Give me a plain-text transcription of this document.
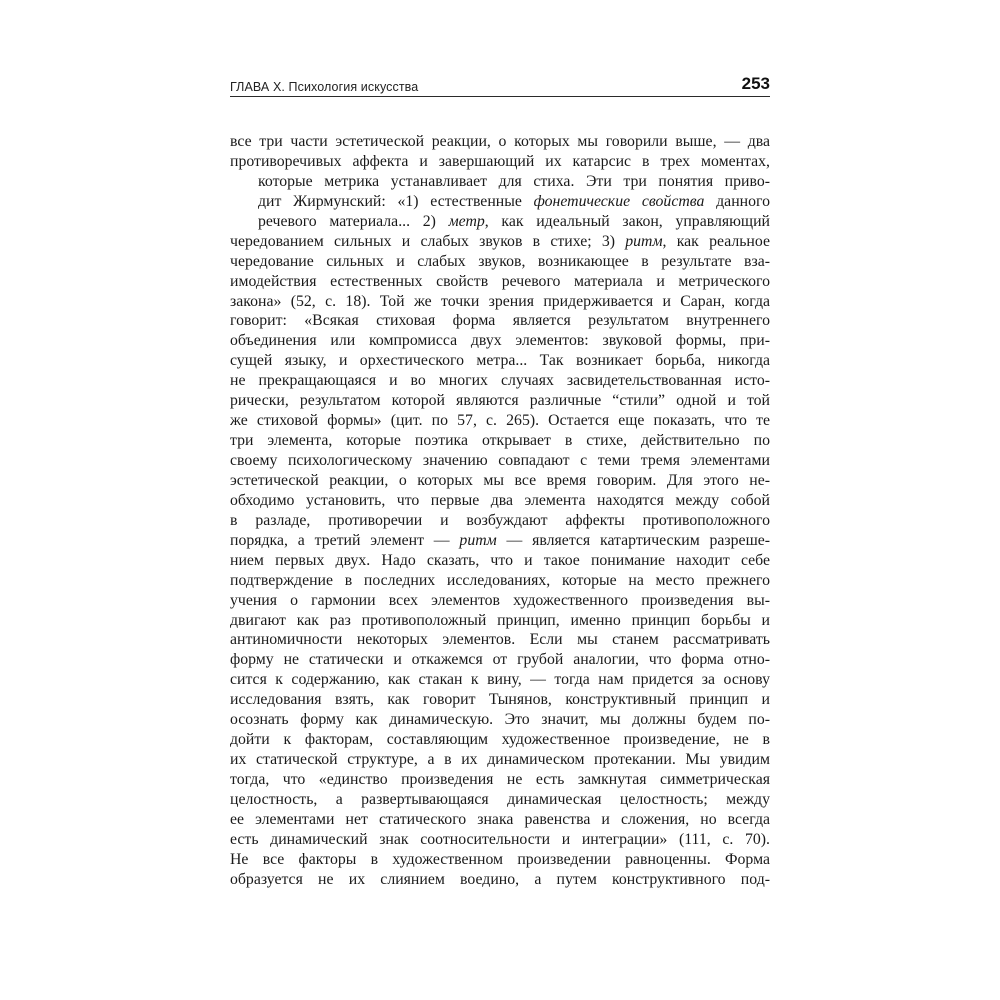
ГЛАВА X. Психология искусства	253
все три части эстетической реакции, о которых мы говорили выше, — два
противоречивых аффекта и завершающий их катарсис в трех моментах,
которые метрика устанавливает для стиха. Эти три понятия приво-
дит Жирмунский: «1) естественные фонетические свойства данного
речевого материала... 2) метр, как идеальный закон, управляющий
чередованием сильных и слабых звуков в стихе; 3) ритм, как реальное
чередование сильных и слабых звуков, возникающее в результате вза-
имодействия естественных свойств речевого материала и метрического
закона» (52, с. 18). Той же точки зрения придерживается и Саран, когда
говорит: «Всякая стиховая форма является результатом внутреннего
объединения или компромисса двух элементов: звуковой формы, при-
сущей языку, и орхестического метра... Так возникает борьба, никогда
не прекращающаяся и во многих случаях засвидетельствованная исто-
рически, результатом которой являются различные “стили” одной и той
же стиховой формы» (цит. по 57, с. 265). Остается еще показать, что те
три элемента, которые поэтика открывает в стихе, действительно по
своему психологическому значению совпадают с теми тремя элементами
эстетической реакции, о которых мы все время говорим. Для этого не-
обходимо установить, что первые два элемента находятся между собой
в разладе, противоречии и возбуждают аффекты противоположного
порядка, а третий элемент — ритм — является катартическим разреше-
нием первых двух. Надо сказать, что и такое понимание находит себе
подтверждение в последних исследованиях, которые на место прежнего
учения о гармонии всех элементов художественного произведения вы-
двигают как раз противоположный принцип, именно принцип борьбы и
антиномичности некоторых элементов. Если мы станем рассматривать
форму не статически и откажемся от грубой аналогии, что форма отно-
сится к содержанию, как стакан к вину, — тогда нам придется за основу
исследования взять, как говорит Тынянов, конструктивный принцип и
осознать форму как динамическую. Это значит, мы должны будем по-
дойти к факторам, составляющим художественное произведение, не в
их статической структуре, а в их динамическом протекании. Мы увидим
тогда, что «единство произведения не есть замкнутая симметрическая
целостность, а развертывающаяся динамическая целостность; между
ее элементами нет статического знака равенства и сложения, но всегда
есть динамический знак соотносительности и интеграции» (111, с. 70).
Не все факторы в художественном произведении равноценны. Форма
образуется не их слиянием воедино, а путем конструктивного под-
